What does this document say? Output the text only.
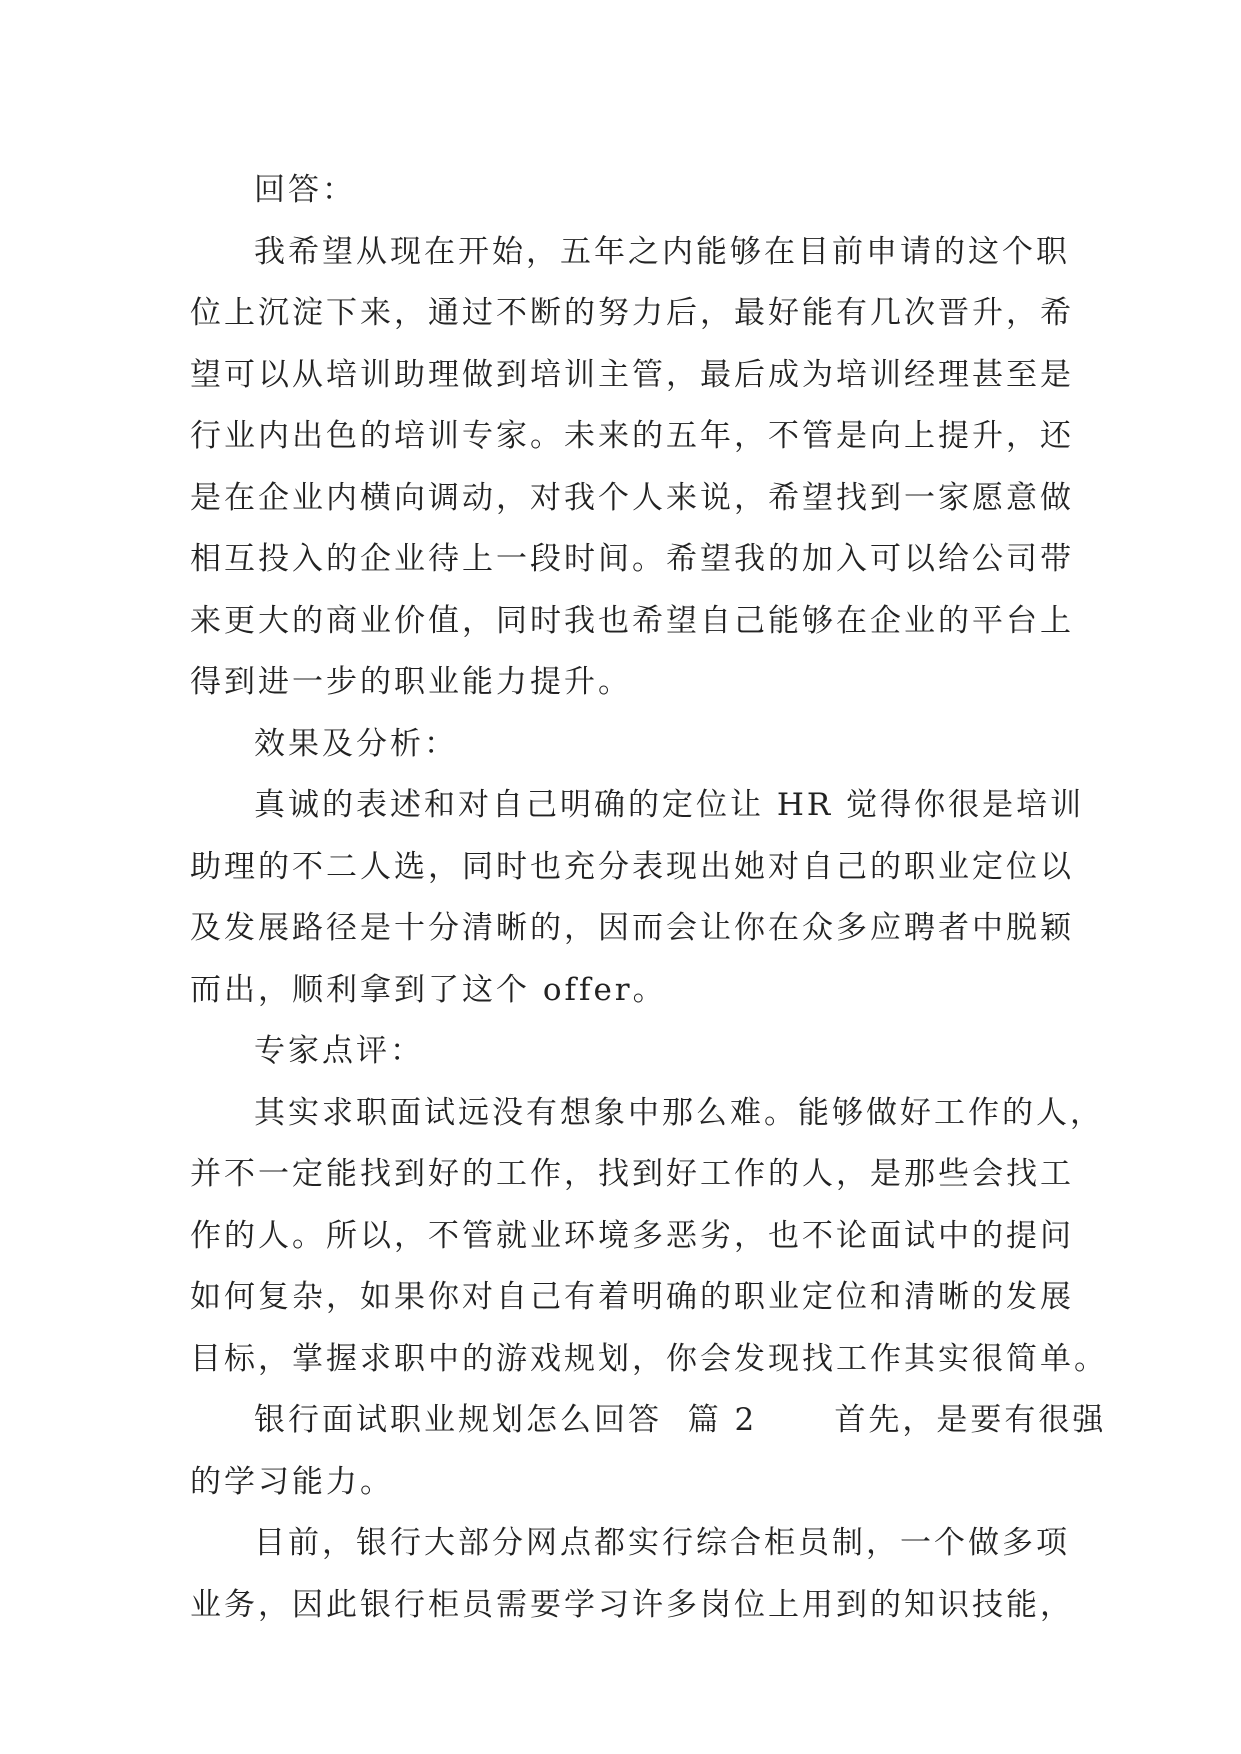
回答：
我希望从现在开始，五年之内能够在目前申请的这个职
位上沉淀下来，通过不断的努力后，最好能有几次晋升，希
望可以从培训助理做到培训主管，最后成为培训经理甚至是
行业内出色的培训专家。未来的五年，不管是向上提升，还
是在企业内横向调动，对我个人来说，希望找到一家愿意做
相互投入的企业待上一段时间。希望我的加入可以给公司带
来更大的商业价值，同时我也希望自己能够在企业的平台上
得到进一步的职业能力提升。
效果及分析：
真诚的表述和对自己明确的定位让 HR 觉得你很是培训
助理的不二人选，同时也充分表现出她对自己的职业定位以
及发展路径是十分清晰的，因而会让你在众多应聘者中脱颖
而出，顺利拿到了这个 offer。
专家点评：
其实求职面试远没有想象中那么难。能够做好工作的人，
并不一定能找到好的工作，找到好工作的人，是那些会找工
作的人。所以，不管就业环境多恶劣，也不论面试中的提问
如何复杂，如果你对自己有着明确的职业定位和清晰的发展
目标，掌握求职中的游戏规划，你会发现找工作其实很简单。
银行面试职业规划怎么回答  篇 2      首先，是要有很强
的学习能力。
目前，银行大部分网点都实行综合柜员制，一个做多项
业务，因此银行柜员需要学习许多岗位上用到的知识技能，
